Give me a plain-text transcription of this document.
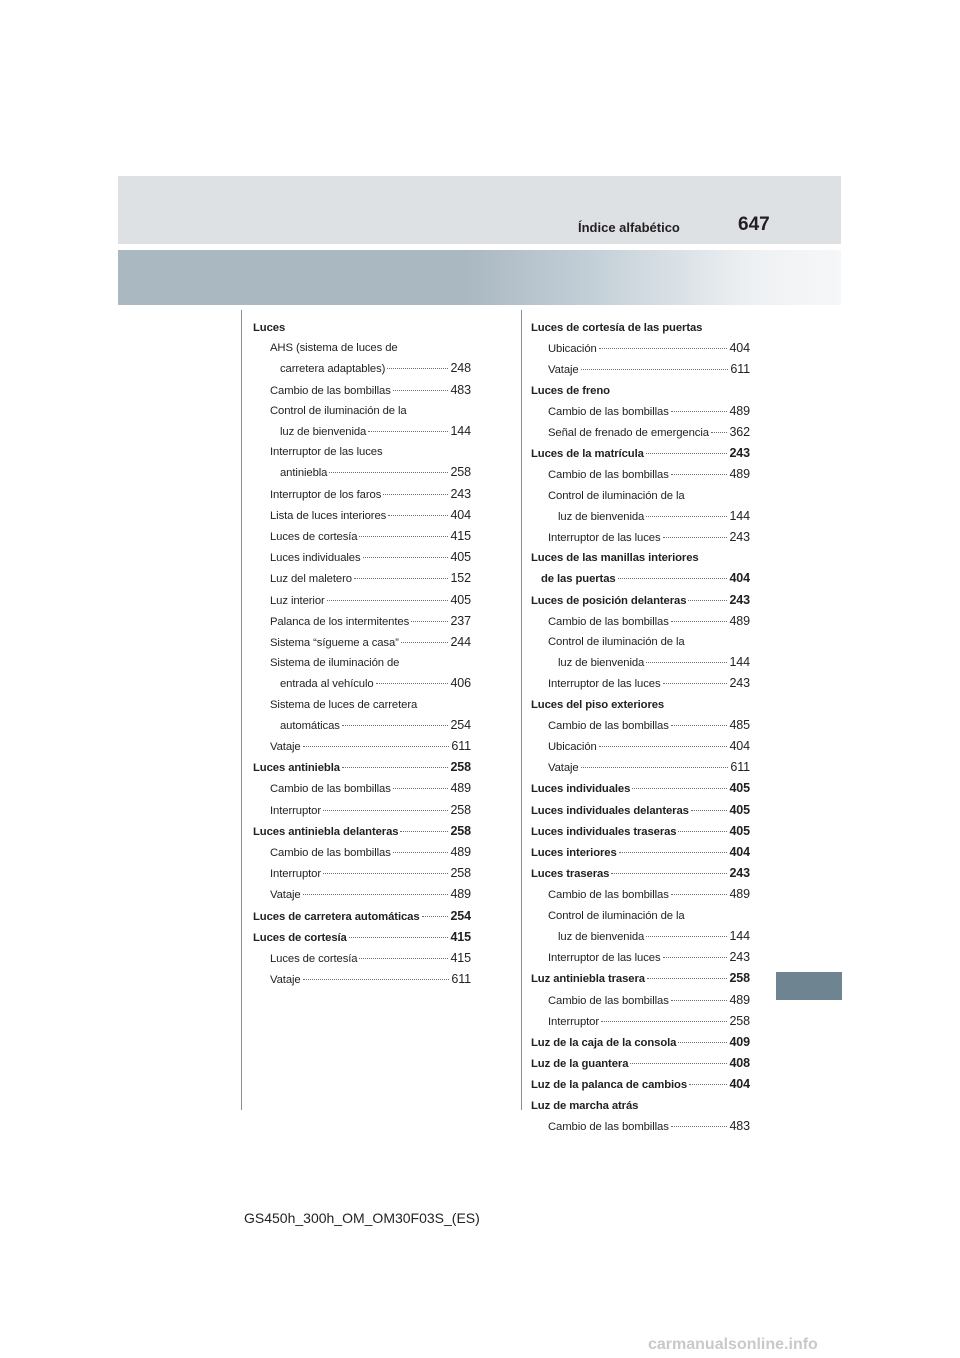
Índice alfabético	647
Luces
AHS (sistema de luces de
carretera adaptables)	248
Cambio de las bombillas	483
Control de iluminación de la
luz de bienvenida	144
Interruptor de las luces
antiniebla	258
Interruptor de los faros	243
Lista de luces interiores	404
Luces de cortesía	415
Luces individuales	405
Luz del maletero	152
Luz interior	405
Palanca de los intermitentes	237
Sistema “sígueme a casa”	244
Sistema de iluminación de
entrada al vehículo	406
Sistema de luces de carretera
automáticas	254
Vataje	611
Luces antiniebla	258
Cambio de las bombillas	489
Interruptor	258
Luces antiniebla delanteras	258
Cambio de las bombillas	489
Interruptor	258
Vataje	489
Luces de carretera automáticas 254
Luces de cortesía	415
Luces de cortesía	415
Vataje	611
Luces de cortesía de las puertas
Ubicación	404
Vataje	611
Luces de freno
Cambio de las bombillas	489
Señal de frenado de emergencia 362
Luces de la matrícula	243
Cambio de las bombillas	489
Control de iluminación de la
luz de bienvenida	144
Interruptor de las luces	243
Luces de las manillas interiores
de las puertas	404
Luces de posición delanteras	243
Cambio de las bombillas	489
Control de iluminación de la
luz de bienvenida	144
Interruptor de las luces	243
Luces del piso exteriores
Cambio de las bombillas	485
Ubicación	404
Vataje	611
Luces individuales	405
Luces individuales delanteras	405
Luces individuales traseras	405
Luces interiores	404
Luces traseras	243
Cambio de las bombillas	489
Control de iluminación de la
luz de bienvenida	144
Interruptor de las luces	243
Luz antiniebla trasera	258
Cambio de las bombillas	489
Interruptor	258
Luz de la caja de la consola	409
Luz de la guantera	408
Luz de la palanca de cambios	404
Luz de marcha atrás
Cambio de las bombillas	483
GS450h_300h_OM_OM30F03S_(ES)
carmanualsonline.info
